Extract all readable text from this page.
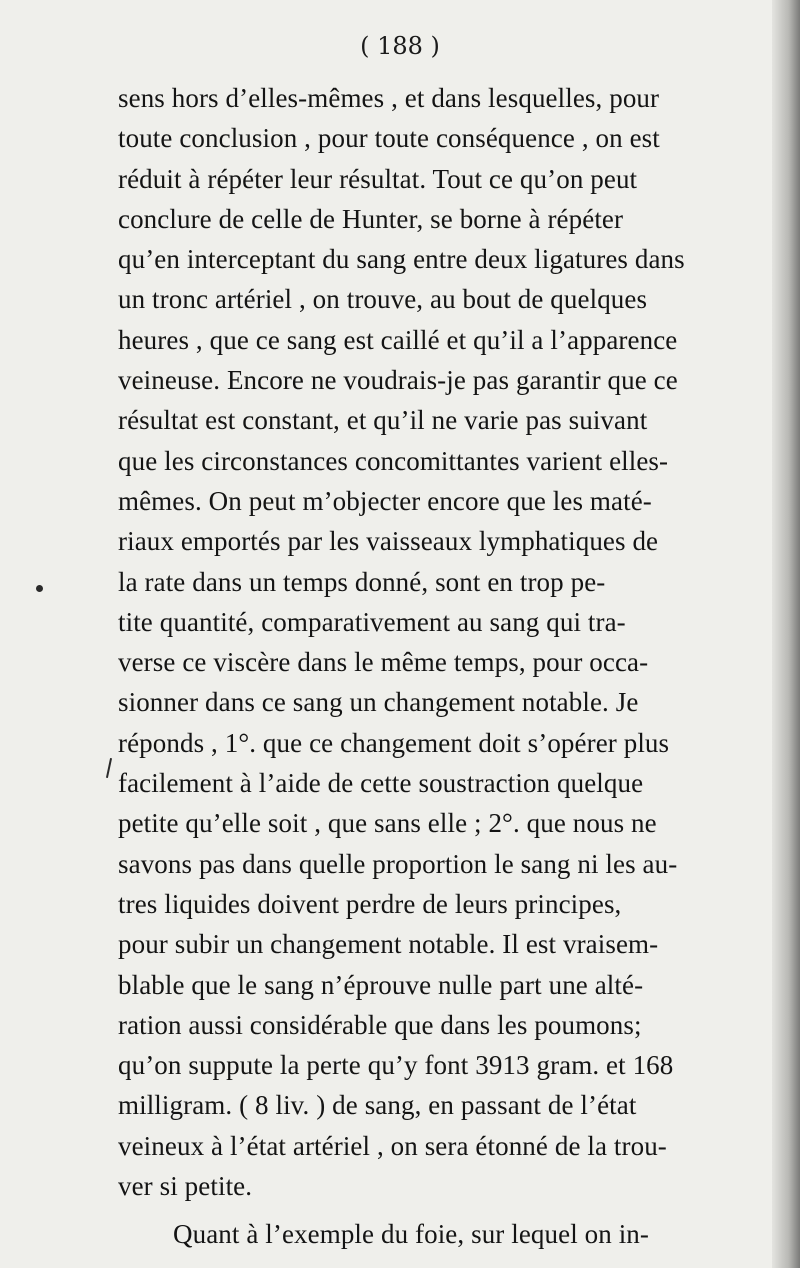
( 188 )
sens hors d’elles-mêmes , et dans lesquelles, pour
toute conclusion , pour toute conséquence , on est
réduit à répéter leur résultat. Tout ce qu’on peut
conclure de celle de Hunter, se borne à répéter
qu’en interceptant du sang entre deux ligatures dans
un tronc artériel , on trouve, au bout de quelques
heures , que ce sang est caillé et qu’il a l’apparence
veineuse. Encore ne voudrais-je pas garantir que ce
résultat est constant, et qu’il ne varie pas suivant
que les circonstances concomittantes varient elles-
mêmes. On peut m’objecter encore que les maté-
riaux emportés par les vaisseaux lymphatiques de
la rate dans un temps donné, sont en trop pe-
tite quantité, comparativement au sang qui tra-
verse ce viscère dans le même temps, pour occa-
sionner dans ce sang un changement notable. Je
réponds , 1°. que ce changement doit s’opérer plus
facilement à l’aide de cette soustraction quelque
petite qu’elle soit , que sans elle ; 2°. que nous ne
savons pas dans quelle proportion le sang ni les au-
tres liquides doivent perdre de leurs principes,
pour subir un changement notable. Il est vraisem-
blable que le sang n’éprouve nulle part une alté-
ration aussi considérable que dans les poumons;
qu’on suppute la perte qu’y font 3913 gram. et 168
milligram. ( 8 liv. ) de sang, en passant de l’état
veineux à l’état artériel , on sera étonné de la trou-
ver si petite.
Quant à l’exemple du foie, sur lequel on in-
